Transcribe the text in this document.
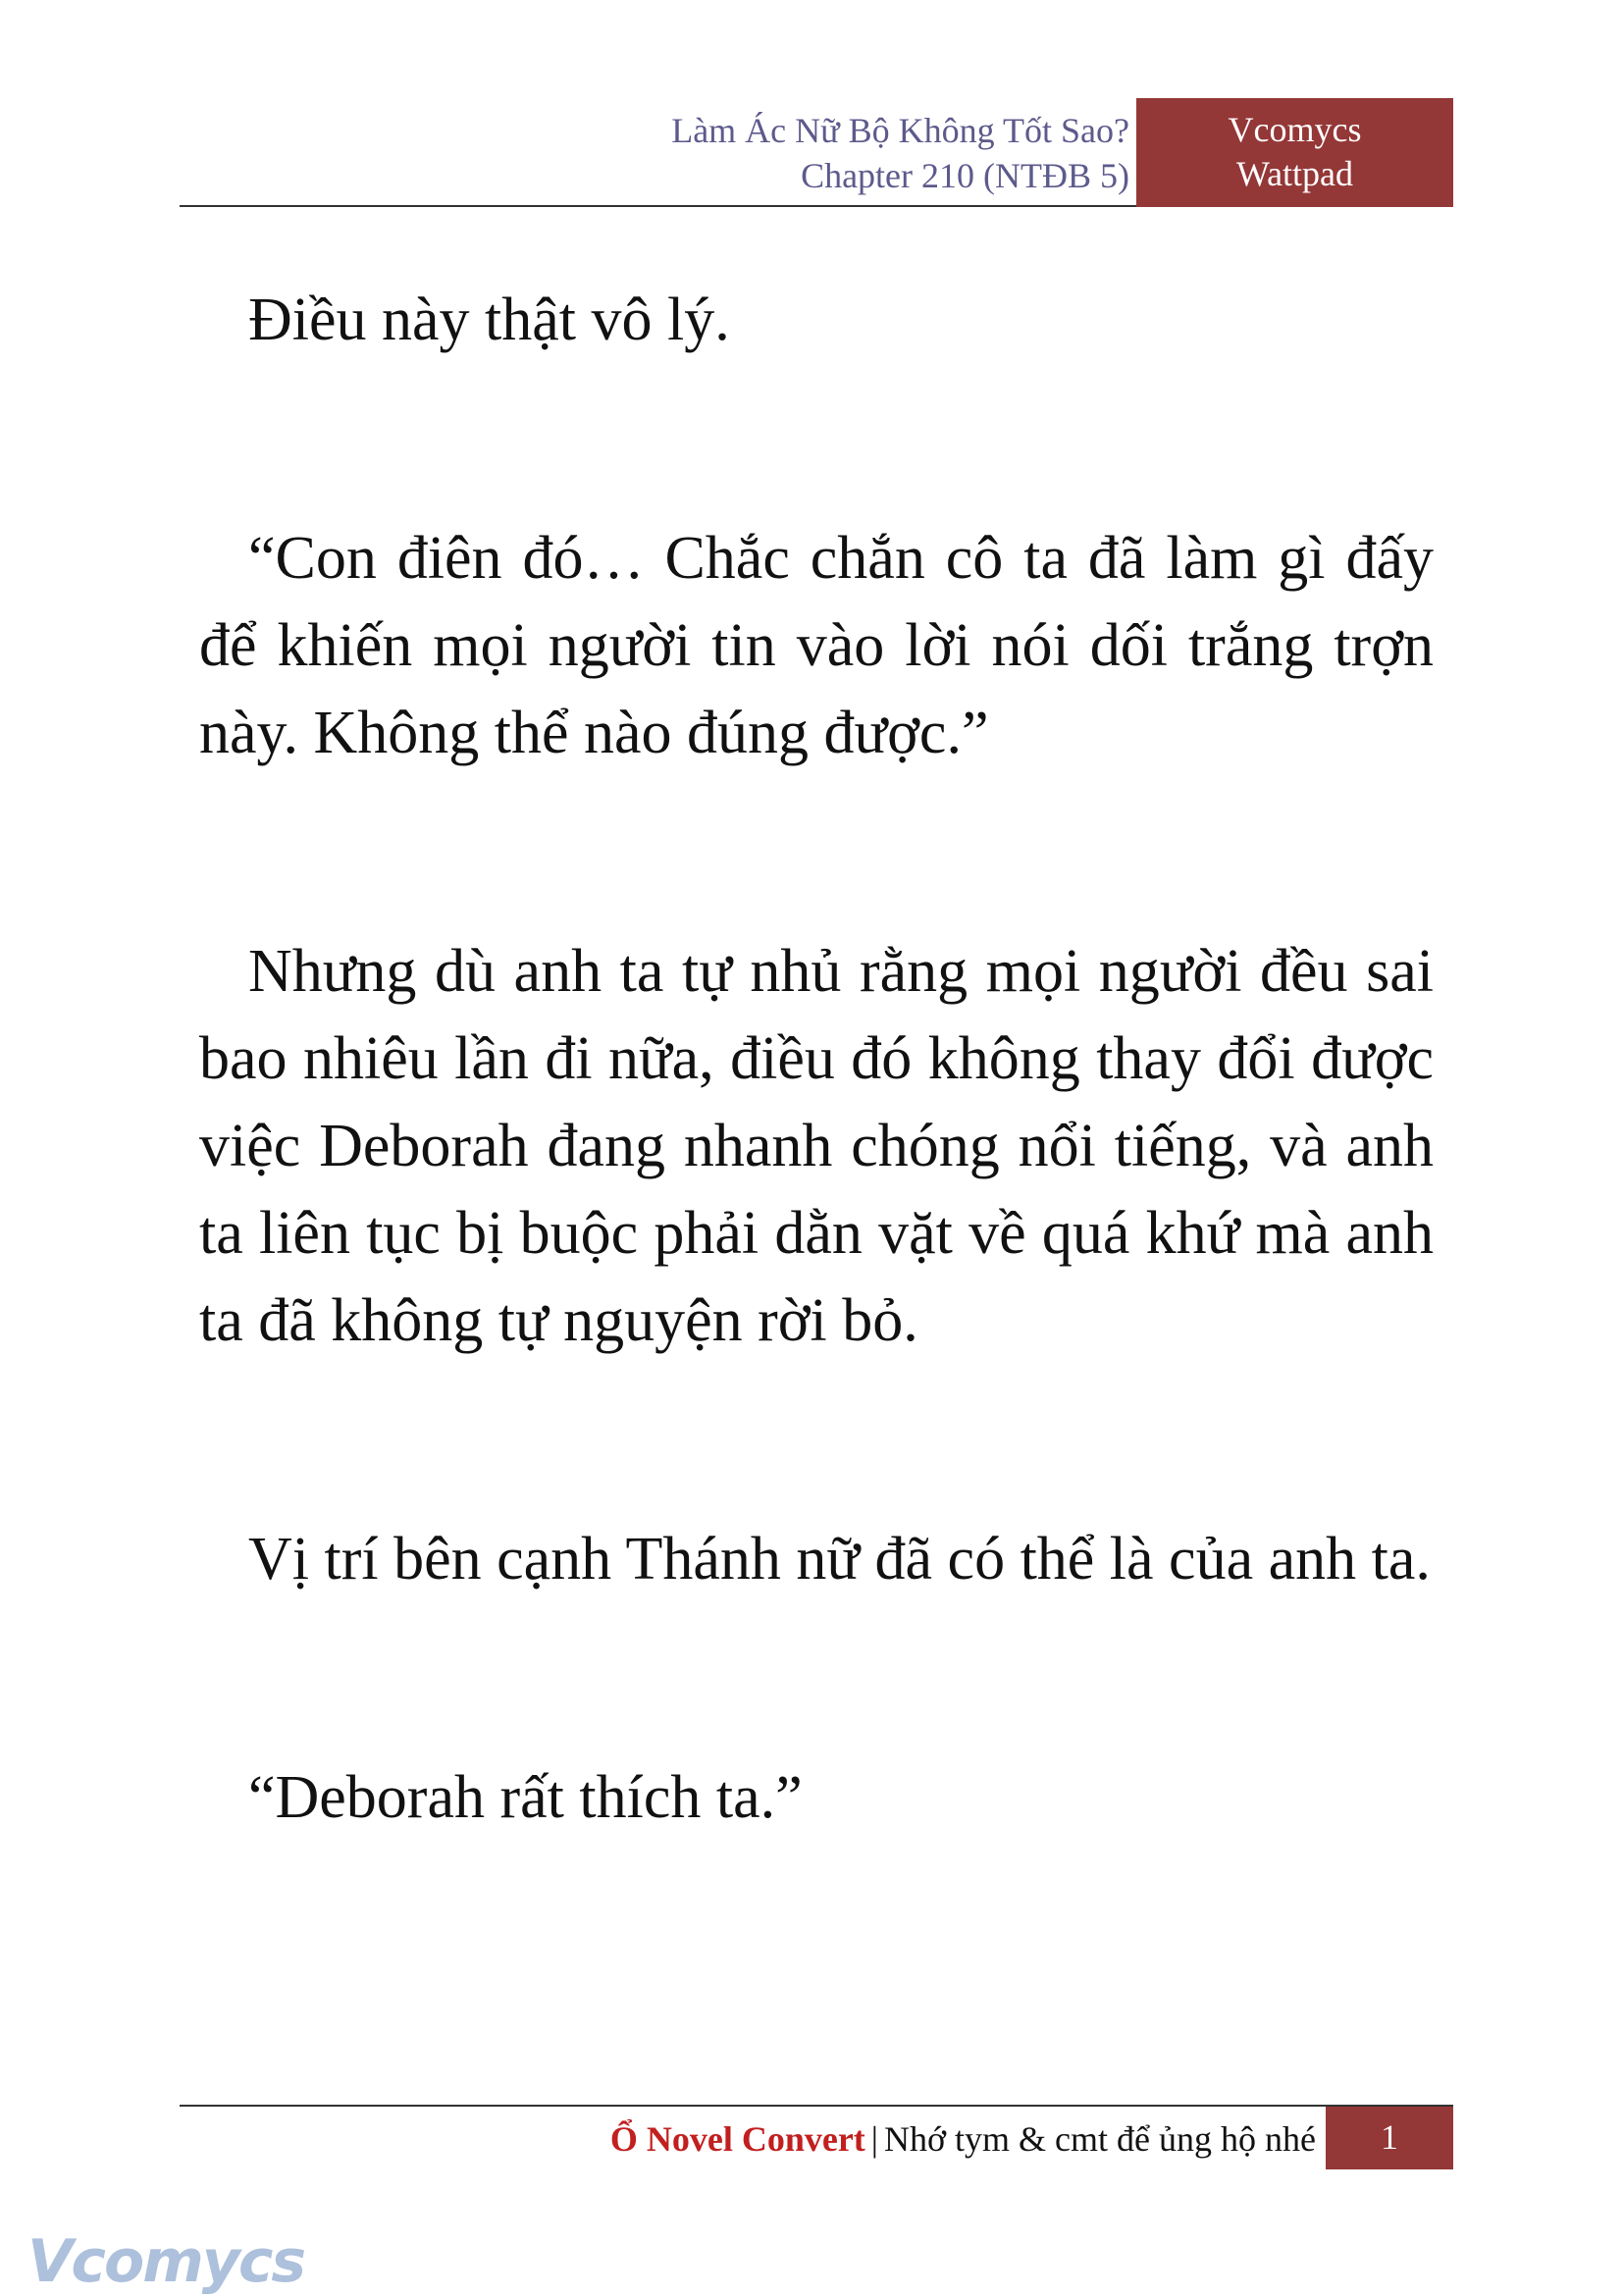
Làm Ác Nữ Bộ Không Tốt Sao?
Chapter 210 (NTĐB 5)
Vcomycs
Wattpad

Điều này thật vô lý.

“Con điên đó… Chắc chắn cô ta đã làm gì đấy để khiến mọi người tin vào lời nói dối trắng trợn này. Không thể nào đúng được.”

Nhưng dù anh ta tự nhủ rằng mọi người đều sai bao nhiêu lần đi nữa, điều đó không thay đổi được việc Deborah đang nhanh chóng nổi tiếng, và anh ta liên tục bị buộc phải dằn vặt về quá khứ mà anh ta đã không tự nguyện rời bỏ.

Vị trí bên cạnh Thánh nữ đã có thể là của anh ta.

“Deborah rất thích ta.”

Ổ Novel Convert | Nhớ tym & cmt để ủng hộ nhé	1
Vcomycs
